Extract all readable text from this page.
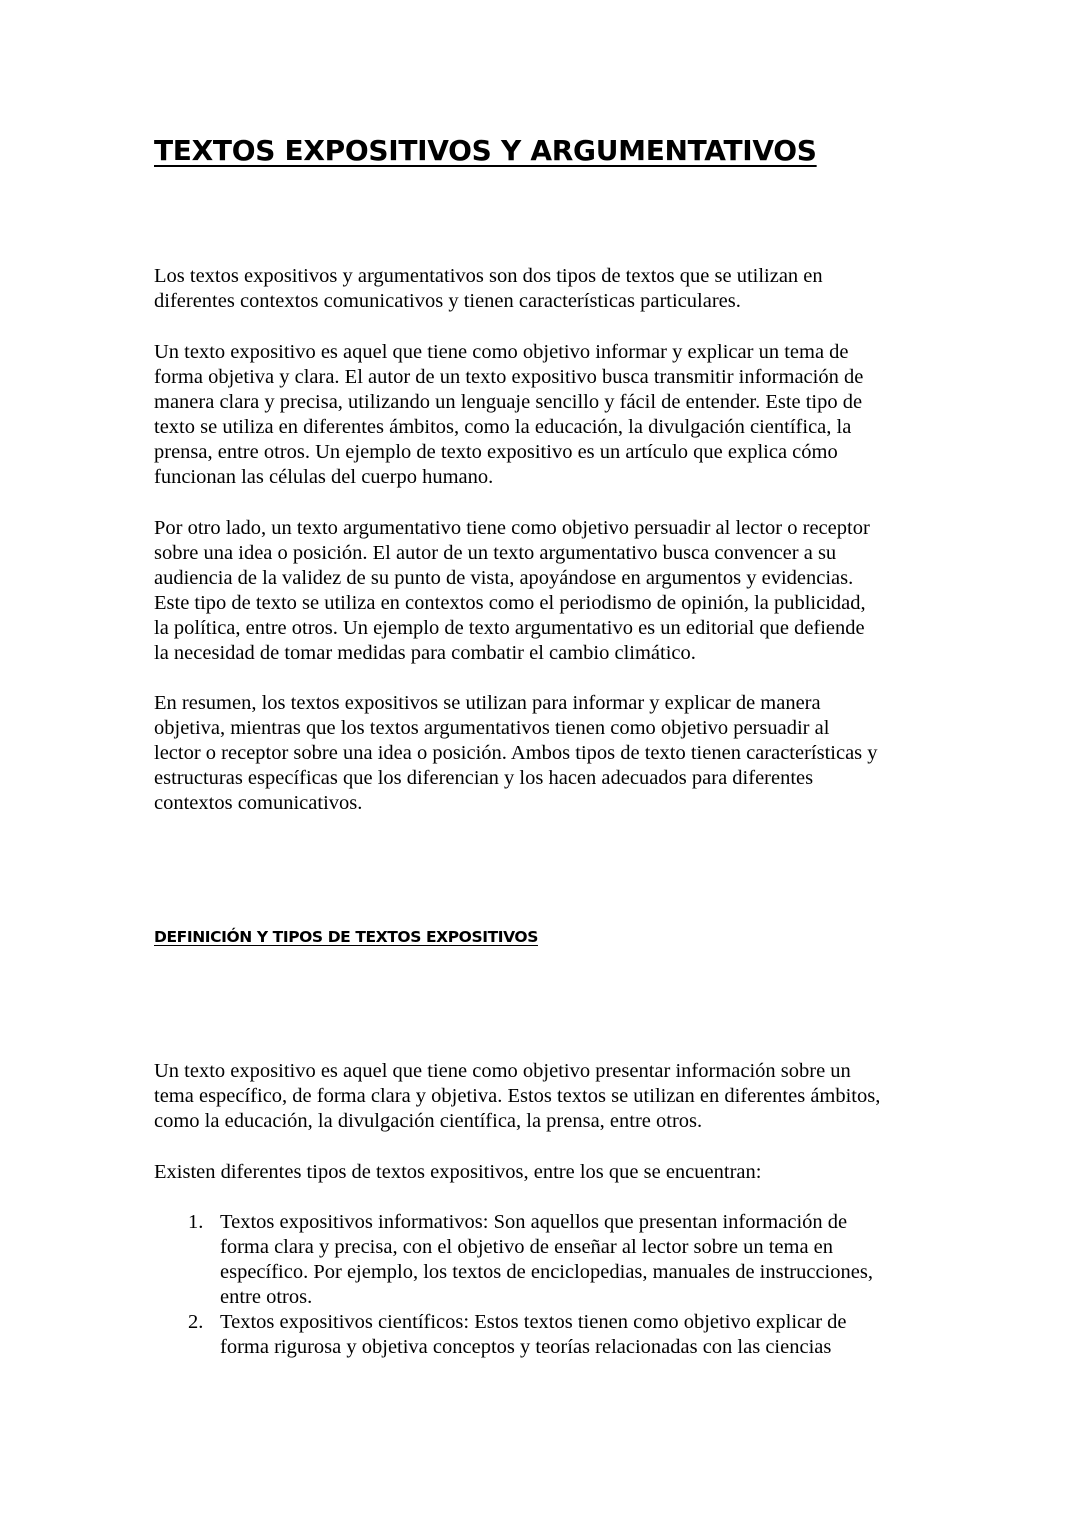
TEXTOS EXPOSITIVOS Y ARGUMENTATIVOS

Los textos expositivos y argumentativos son dos tipos de textos que se utilizan en
diferentes contextos comunicativos y tienen características particulares.

Un texto expositivo es aquel que tiene como objetivo informar y explicar un tema de
forma objetiva y clara. El autor de un texto expositivo busca transmitir información de
manera clara y precisa, utilizando un lenguaje sencillo y fácil de entender. Este tipo de
texto se utiliza en diferentes ámbitos, como la educación, la divulgación científica, la
prensa, entre otros. Un ejemplo de texto expositivo es un artículo que explica cómo
funcionan las células del cuerpo humano.

Por otro lado, un texto argumentativo tiene como objetivo persuadir al lector o receptor
sobre una idea o posición. El autor de un texto argumentativo busca convencer a su
audiencia de la validez de su punto de vista, apoyándose en argumentos y evidencias.
Este tipo de texto se utiliza en contextos como el periodismo de opinión, la publicidad,
la política, entre otros. Un ejemplo de texto argumentativo es un editorial que defiende
la necesidad de tomar medidas para combatir el cambio climático.

En resumen, los textos expositivos se utilizan para informar y explicar de manera
objetiva, mientras que los textos argumentativos tienen como objetivo persuadir al
lector o receptor sobre una idea o posición. Ambos tipos de texto tienen características y
estructuras específicas que los diferencian y los hacen adecuados para diferentes
contextos comunicativos.

DEFINICIÓN Y TIPOS DE TEXTOS EXPOSITIVOS

Un texto expositivo es aquel que tiene como objetivo presentar información sobre un
tema específico, de forma clara y objetiva. Estos textos se utilizan en diferentes ámbitos,
como la educación, la divulgación científica, la prensa, entre otros.

Existen diferentes tipos de textos expositivos, entre los que se encuentran:

1. Textos expositivos informativos: Son aquellos que presentan información de
forma clara y precisa, con el objetivo de enseñar al lector sobre un tema en
específico. Por ejemplo, los textos de enciclopedias, manuales de instrucciones,
entre otros.
2. Textos expositivos científicos: Estos textos tienen como objetivo explicar de
forma rigurosa y objetiva conceptos y teorías relacionadas con las ciencias
